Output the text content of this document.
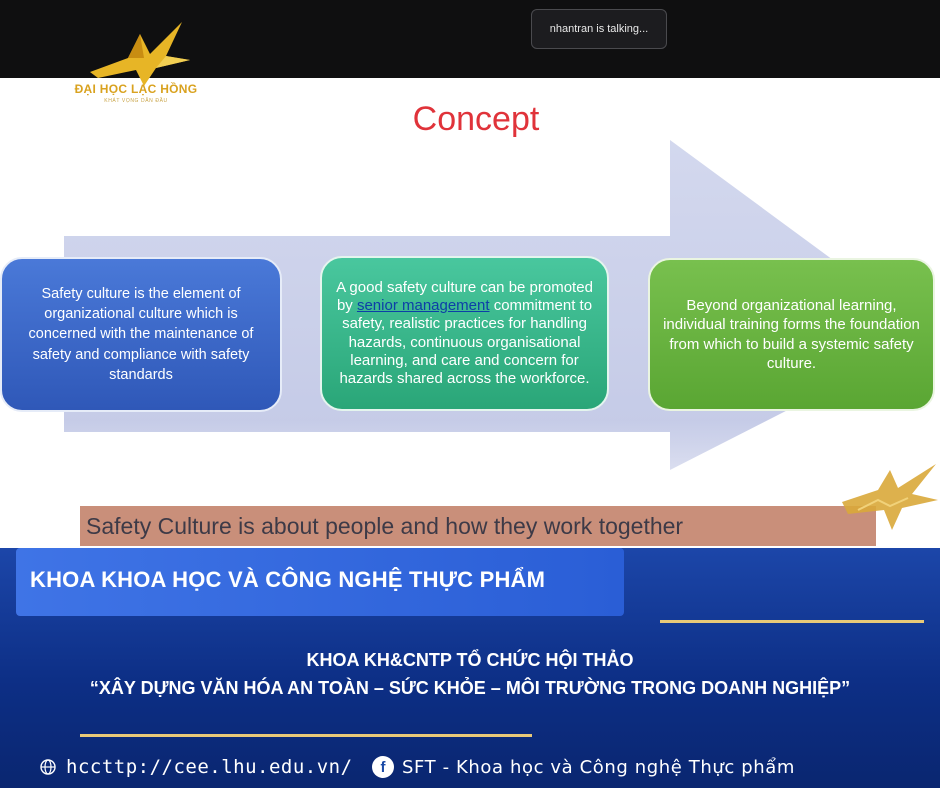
nhantran is talking...
Concept
Safety culture is the element of organizational culture which is concerned with the maintenance of safety and compliance with safety standards
A good safety culture can be promoted by senior management commitment to safety, realistic practices for handling hazards, continuous organisational learning, and care and concern for hazards shared across the workforce.
Beyond organizational learning, individual training forms the foundation from which to build a systemic safety culture.
Safety Culture is about people and how they work together
ĐẠI HỌC LẠC HỒNG
KHÁT VỌNG DẪN ĐẦU
KHOA KHOA HỌC VÀ CÔNG NGHỆ THỰC PHẨM
KHOA KH&CNTP TỔ CHỨC HỘI THẢO
“XÂY DỰNG VĂN HÓA AN TOÀN – SỨC KHỎE – MÔI TRƯỜNG TRONG DOANH NGHIỆP”
hccttp://cee.lhu.edu.vn/	f SFT - Khoa học và Công nghệ Thực phẩm
